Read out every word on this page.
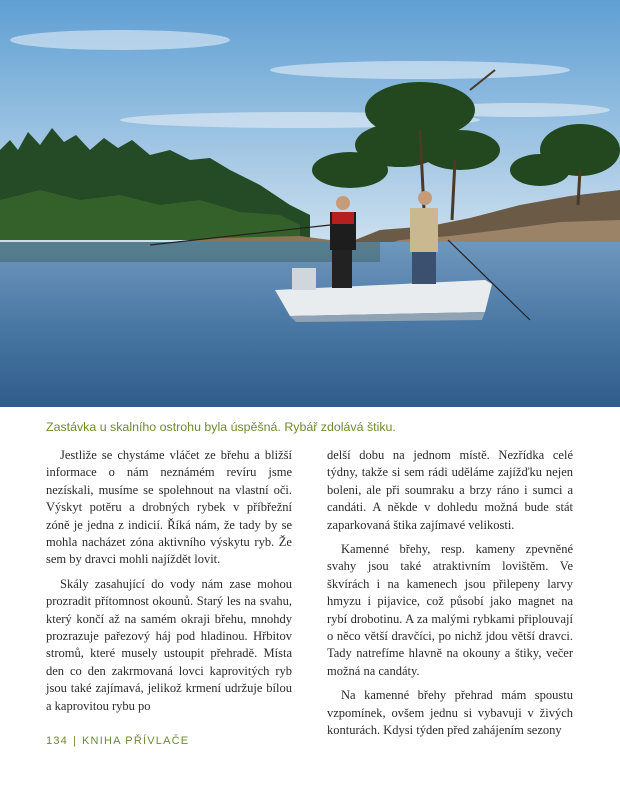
Zastávka u skalního ostrohu byla úspěšná. Rybář zdolává štiku.

Jestliže se chystáme vláčet ze břehu a bližší informace o nám neznámém revíru jsme nezískali, musíme se spolehnout na vlastní oči. Výskyt potěru a drobných rybek v příbřežní zóně je jedna z indicií. Říká nám, že tady by se mohla nacházet zóna aktivního výskytu ryb. Že sem by dravci mohli najíždět lovit.

Skály zasahující do vody nám zase mohou prozradit přítomnost okounů. Starý les na svahu, který končí až na samém okraji břehu, mnohdy prozrazuje pařezový háj pod hladinou. Hřbitov stromů, které musely ustoupit přehradě. Místa den co den zakrmovaná lovci kaprovitých ryb jsou také zajímavá, jelikož krmení udržuje bílou a kaprovitou rybu po

delší dobu na jednom místě. Nezřídka celé týdny, takže si sem rádi uděláme zajížďku nejen boleni, ale při soumraku a brzy ráno i sumci a candáti. A někde v dohledu možná bude stát zaparkovaná štika zajímavé velikosti.

Kamenné břehy, resp. kameny zpevněné svahy jsou také atraktivním lovištěm. Ve škvírách i na kamenech jsou přilepeny larvy hmyzu i pijavice, což působí jako magnet na rybí drobotinu. A za malými rybkami připlouvají o něco větší dravčíci, po nichž jdou větší dravci. Tady natrefíme hlavně na okouny a štiky, večer možná na candáty.

Na kamenné břehy přehrad mám spoustu vzpomínek, ovšem jednu si vybavuji v živých konturách. Kdysi týden před zahájením sezony

134 | KNIHA PŘÍVLAČE
